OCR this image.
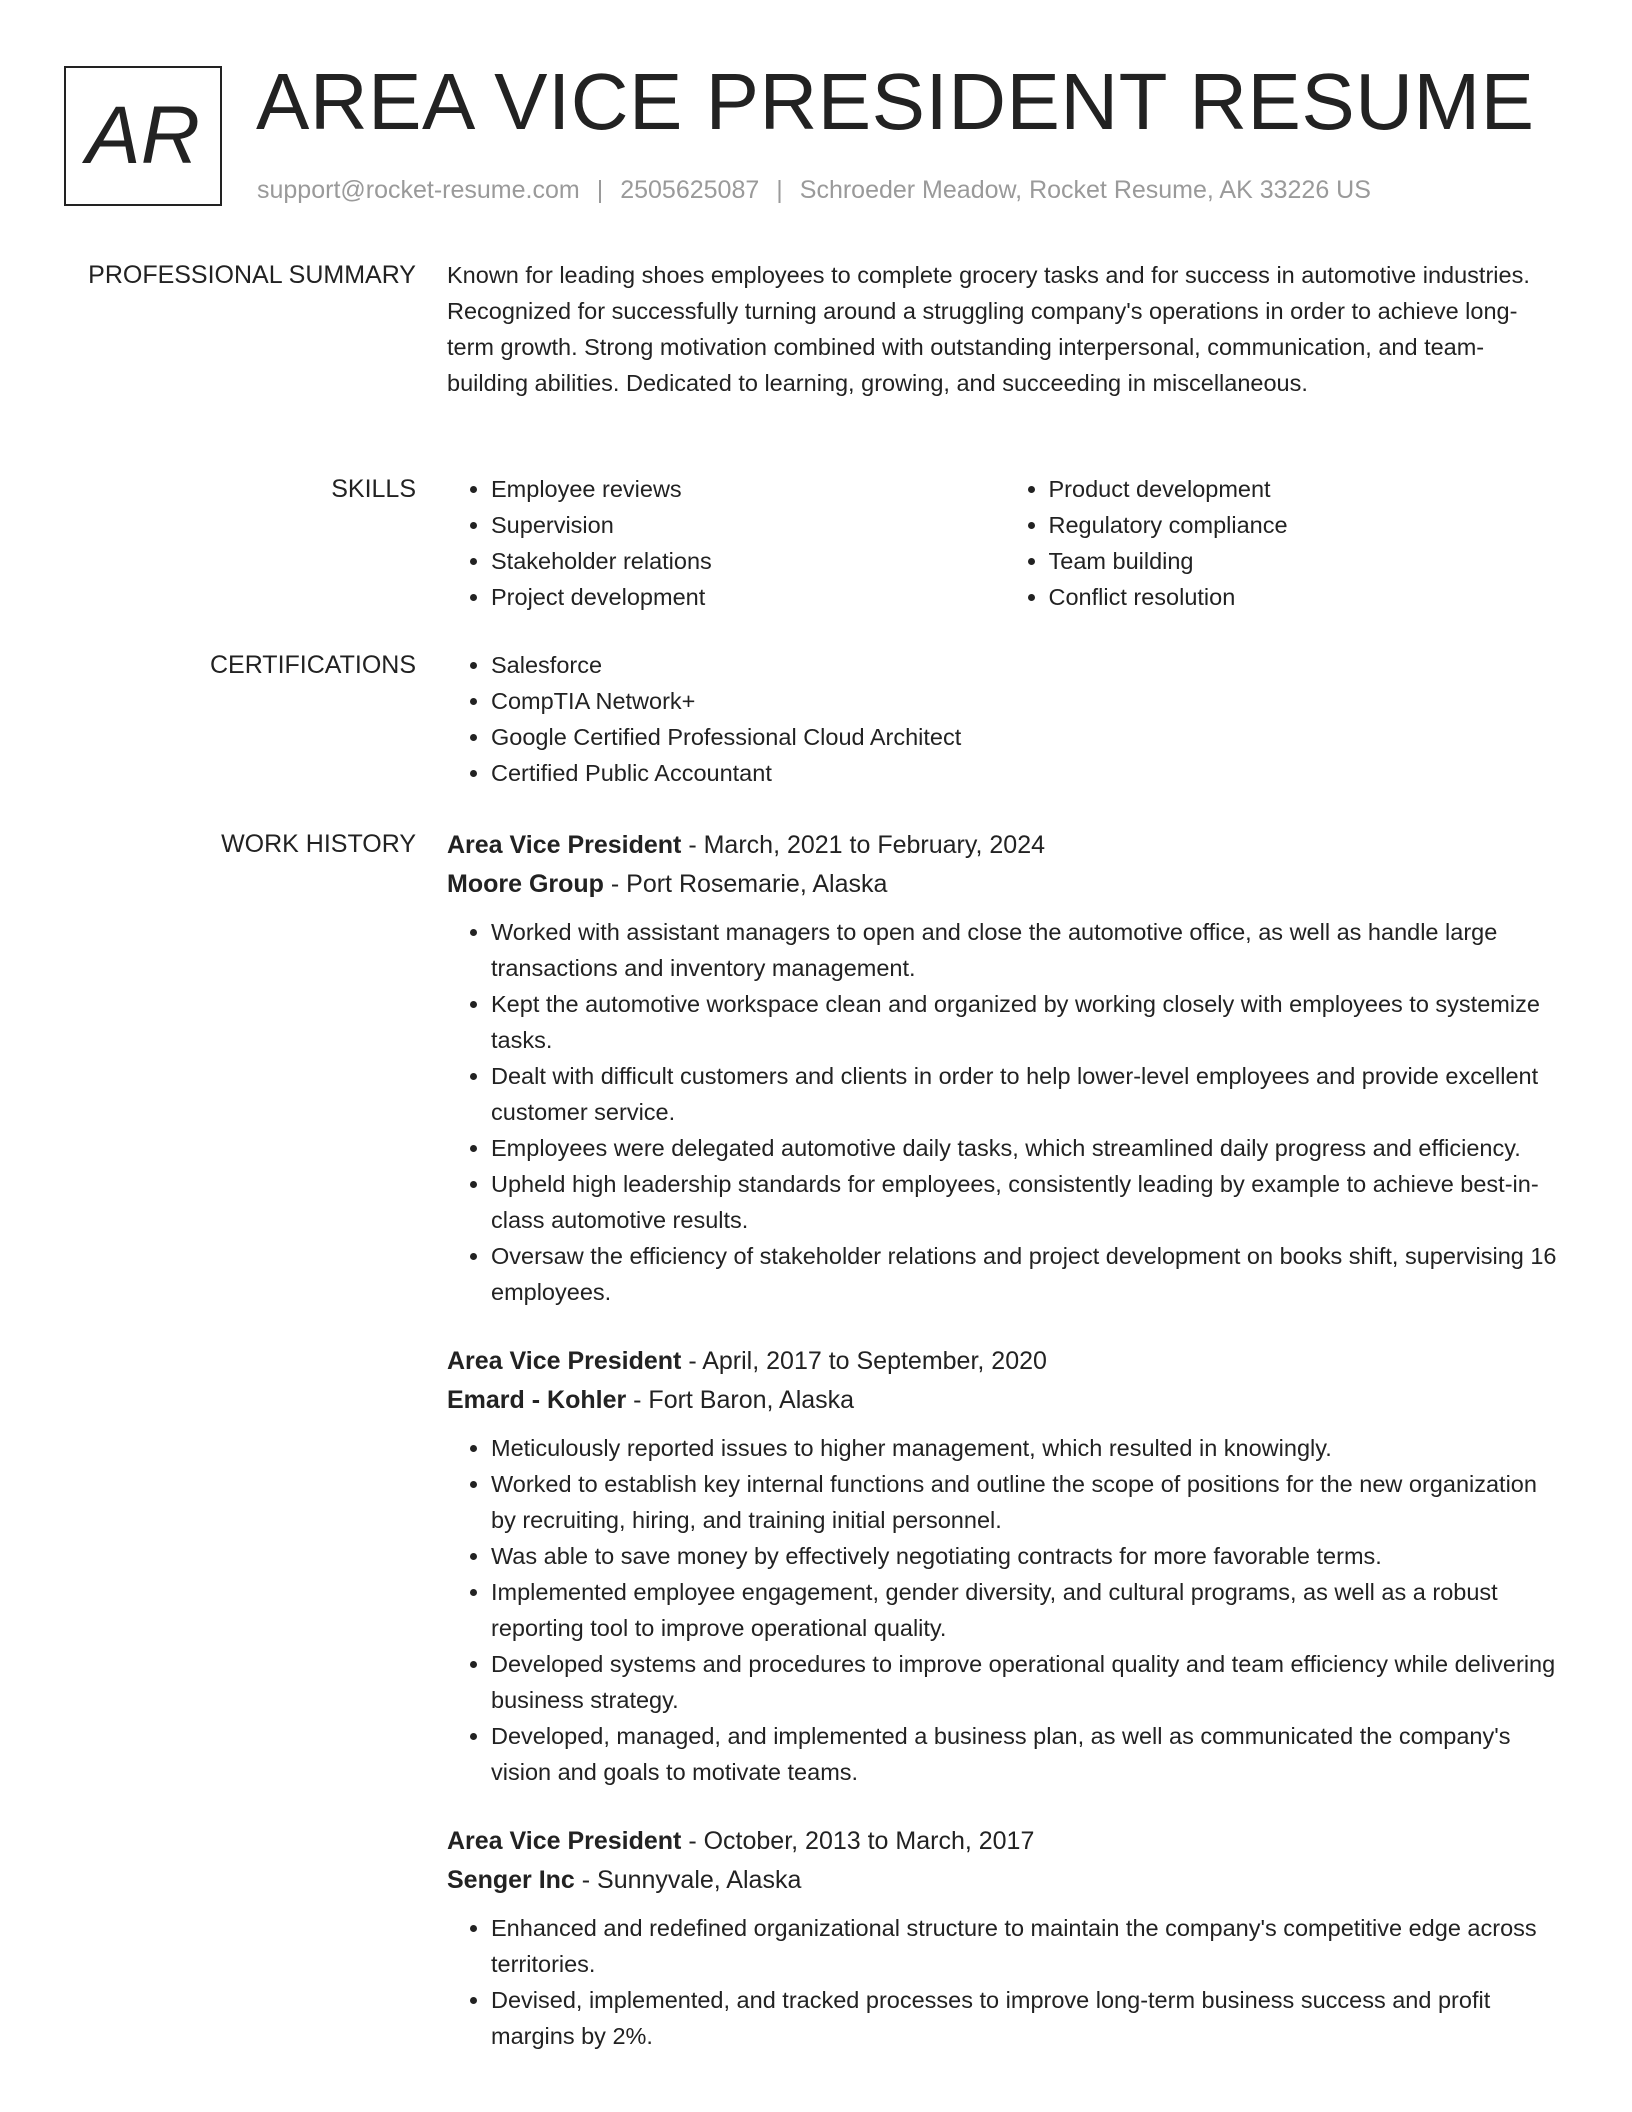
AR AREA VICE PRESIDENT RESUME
support@rocket-resume.com | 2505625087 | Schroeder Meadow, Rocket Resume, AK 33226 US
PROFESSIONAL SUMMARY Known for leading shoes employees to complete grocery tasks and for success in automotive industries. Recognized for successfully turning around a struggling company's operations in order to achieve long-term growth. Strong motivation combined with outstanding interpersonal, communication, and team-building abilities. Dedicated to learning, growing, and succeeding in miscellaneous.

SKILLS	• Employee reviews
• Supervision
• Stakeholder relations
• Project development
• Product development
• Regulatory compliance
• Team building
• Conflict resolution
CERTIFICATIONS	• Salesforce
• CompTIA Network+
• Google Certified Professional Cloud Architect
• Certified Public Accountant
WORK HISTORY Area Vice President - March, 2021 to February, 2024
Moore Group - Port Rosemarie, Alaska
• Worked with assistant managers to open and close the automotive office, as well as handle large transactions and inventory management.
• Kept the automotive workspace clean and organized by working closely with employees to systemize tasks.
• Dealt with difficult customers and clients in order to help lower-level employees and provide excellent customer service.
• Employees were delegated automotive daily tasks, which streamlined daily progress and efficiency.
• Upheld high leadership standards for employees, consistently leading by example to achieve best-in-class automotive results.
• Oversaw the efficiency of stakeholder relations and project development on books shift, supervising 16 employees.
Area Vice President - April, 2017 to September, 2020
Emard - Kohler - Fort Baron, Alaska
• Meticulously reported issues to higher management, which resulted in knowingly.
• Worked to establish key internal functions and outline the scope of positions for the new organization by recruiting, hiring, and training initial personnel.
• Was able to save money by effectively negotiating contracts for more favorable terms.
• Implemented employee engagement, gender diversity, and cultural programs, as well as a robust reporting tool to improve operational quality.
• Developed systems and procedures to improve operational quality and team efficiency while delivering business strategy.
• Developed, managed, and implemented a business plan, as well as communicated the company's vision and goals to motivate teams.
Area Vice President - October, 2013 to March, 2017
Senger Inc - Sunnyvale, Alaska
• Enhanced and redefined organizational structure to maintain the company's competitive edge across territories.
• Devised, implemented, and tracked processes to improve long-term business success and profit margins by 2%.
